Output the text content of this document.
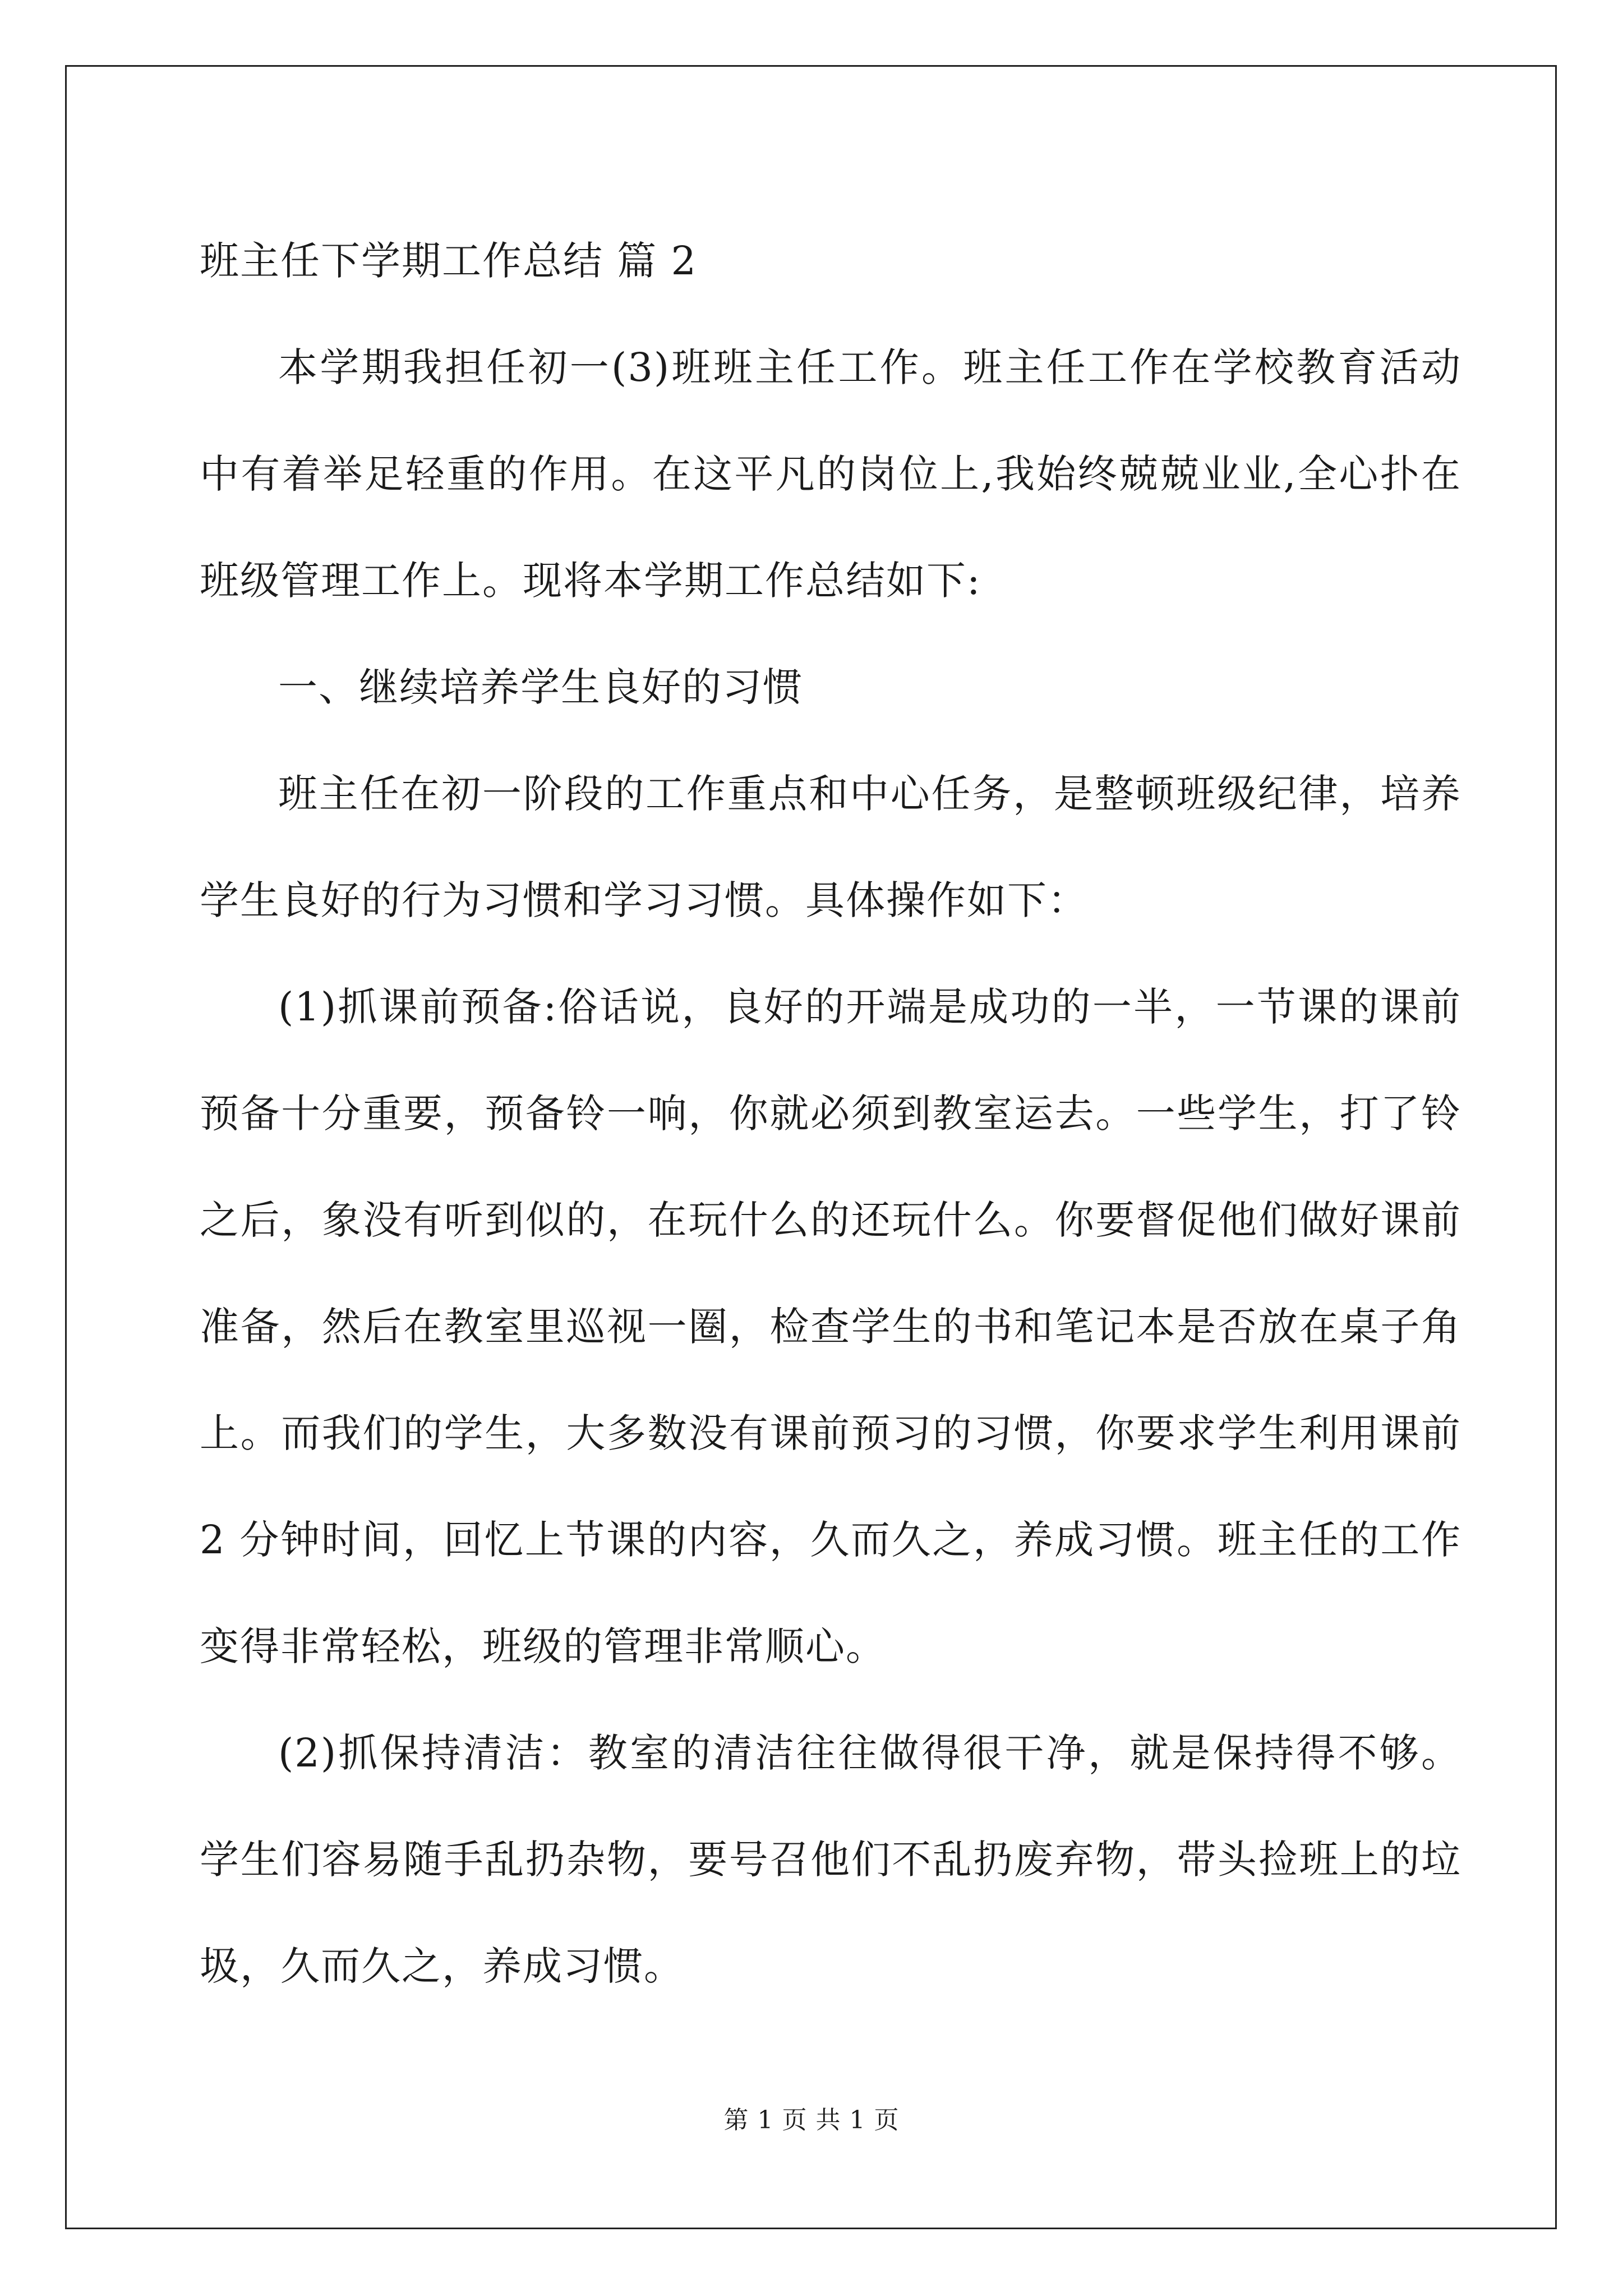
班主任下学期工作总结 篇 2

本学期我担任初一(3)班班主任工作。班主任工作在学校教育活动中有着举足轻重的作用。在这平凡的岗位上,我始终兢兢业业,全心扑在班级管理工作上。现将本学期工作总结如下:

一、继续培养学生良好的习惯

班主任在初一阶段的工作重点和中心任务，是整顿班级纪律，培养学生良好的行为习惯和学习习惯。具体操作如下：

(1)抓课前预备:俗话说，良好的开端是成功的一半，一节课的课前预备十分重要，预备铃一响，你就必须到教室运去。一些学生，打了铃之后，象没有听到似的，在玩什么的还玩什么。你要督促他们做好课前准备，然后在教室里巡视一圈，检查学生的书和笔记本是否放在桌子角上。而我们的学生，大多数没有课前预习的习惯，你要求学生利用课前 2 分钟时间，回忆上节课的内容，久而久之，养成习惯。班主任的工作变得非常轻松，班级的管理非常顺心。

(2)抓保持清洁：教室的清洁往往做得很干净，就是保持得不够。学生们容易随手乱扔杂物，要号召他们不乱扔废弃物，带头捡班上的垃圾，久而久之，养成习惯。

第 1 页 共 1 页
